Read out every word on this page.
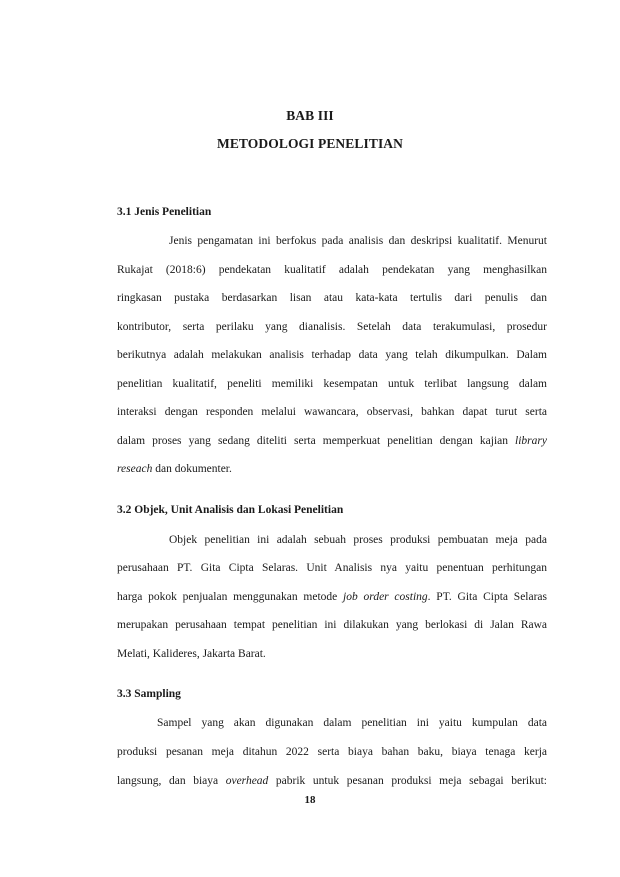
BAB III
METODOLOGI PENELITIAN
3.1 Jenis Penelitian
Jenis pengamatan ini berfokus pada analisis dan deskripsi kualitatif. Menurut
Rukajat (2018:6) pendekatan kualitatif adalah pendekatan yang menghasilkan
ringkasan pustaka berdasarkan lisan atau kata-kata tertulis dari penulis dan
kontributor, serta perilaku yang dianalisis. Setelah data terakumulasi, prosedur
berikutnya adalah melakukan analisis terhadap data yang telah dikumpulkan. Dalam
penelitian kualitatif, peneliti memiliki kesempatan untuk terlibat langsung dalam
interaksi dengan responden melalui wawancara, observasi, bahkan dapat turut serta
dalam proses yang sedang diteliti serta memperkuat penelitian dengan kajian library
reseach dan dokumenter.
3.2 Objek, Unit Analisis dan Lokasi Penelitian
Objek penelitian ini adalah sebuah proses produksi pembuatan meja pada
perusahaan PT. Gita Cipta Selaras. Unit Analisis nya yaitu penentuan perhitungan
harga pokok penjualan menggunakan metode job order costing. PT. Gita Cipta Selaras
merupakan perusahaan tempat penelitian ini dilakukan yang berlokasi di Jalan Rawa
Melati, Kalideres, Jakarta Barat.
3.3 Sampling
Sampel yang akan digunakan dalam penelitian ini yaitu kumpulan data
produksi pesanan meja ditahun 2022 serta biaya bahan baku, biaya tenaga kerja
langsung, dan biaya overhead pabrik untuk pesanan produksi meja sebagai berikut:
18
